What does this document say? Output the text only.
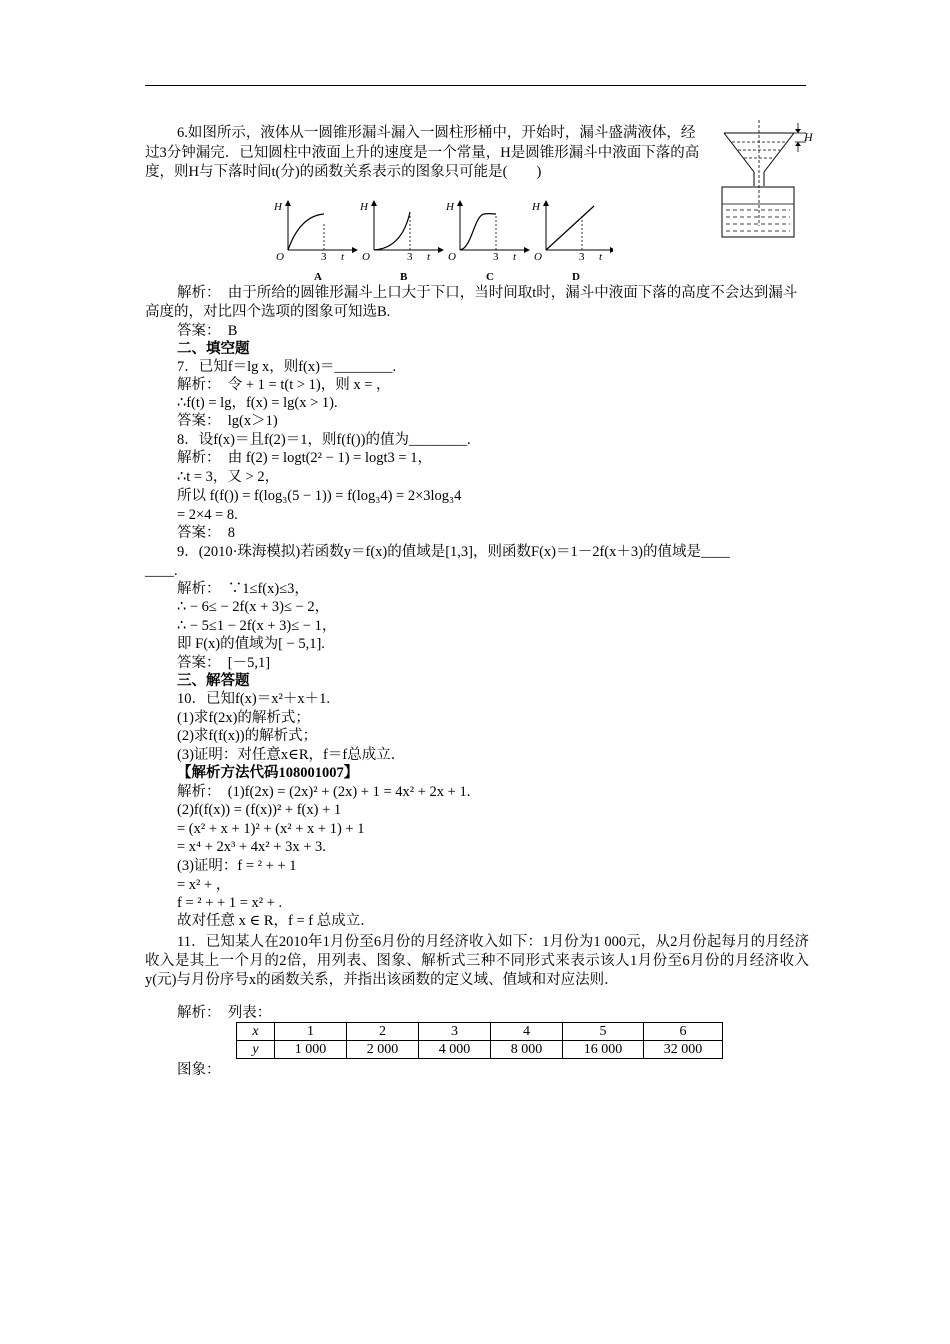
6.如图所示，液体从一圆锥形漏斗漏入一圆柱形桶中，开始时，漏斗盛满液体，经过3分钟漏完．已知圆柱中液面上升的速度是一个常量，H是圆锥形漏斗中液面下落的高度，则H与下落时间t(分)的函数关系表示的图象只可能是(　　)
H
H
O	3 t
A
H
O	3 t
B
H
O	3 t
C
H
O	3 t
D
解析：　由于所给的圆锥形漏斗上口大于下口，当时间取t时，漏斗中液面下落的高度不会达到漏斗高度的，对比四个选项的图象可知选B.
答案：　B
二、填空题
7．已知f＝lg x，则f(x)＝________.
解析：　令 + 1 = t(t > 1)，则 x = ，
∴f(t) = lg，f(x) = lg(x > 1).
答案：　lg(x＞1)
8．设f(x)＝且f(2)＝1，则f(f())的值为________.
解析：　由 f(2) = logt(2² − 1) = logt3 = 1，
∴t = 3，又 > 2，
所以 f(f()) = f(log₃(5 − 1)) = f(log₃4) = 2×3log₃4
= 2×4 = 8.
答案：　8
9．(2010·珠海模拟)若函数y＝f(x)的值域是[1,3]，则函数F(x)＝1－2f(x＋3)的值域是____
____.
解析：　∵1≤f(x)≤3，
∴ − 6≤ − 2f(x + 3)≤ − 2，
∴ − 5≤1 − 2f(x + 3)≤ − 1，
即 F(x)的值域为[ − 5,1].
答案：　[－5,1]
三、解答题
10．已知f(x)＝x²＋x＋1.
(1)求f(2x)的解析式；
(2)求f(f(x))的解析式；
(3)证明：对任意x∈R，f＝f总成立．
【解析方法代码108001007】
解析：　(1)f(2x) = (2x)² + (2x) + 1 = 4x² + 2x + 1.
(2)f(f(x)) = (f(x))² + f(x) + 1
= (x² + x + 1)² + (x² + x + 1) + 1
= x⁴ + 2x³ + 4x² + 3x + 3.
(3)证明：f = ² + + 1
= x² + ，
f = ² + + 1 = x² + .
故对任意 x ∈ R，f = f 总成立．
11．已知某人在2010年1月份至6月份的月经济收入如下：1月份为1 000元，从2月份起每月的月经济收入是其上一个月的2倍，用列表、图象、解析式三种不同形式来表示该人1月份至6月份的月经济收入y(元)与月份序号x的函数关系，并指出该函数的定义域、值域和对应法则．
解析：　列表：
x	1	2	3	4	5	6
y	1 000	2 000	4 000	8 000	16 000	32 000
图象：
